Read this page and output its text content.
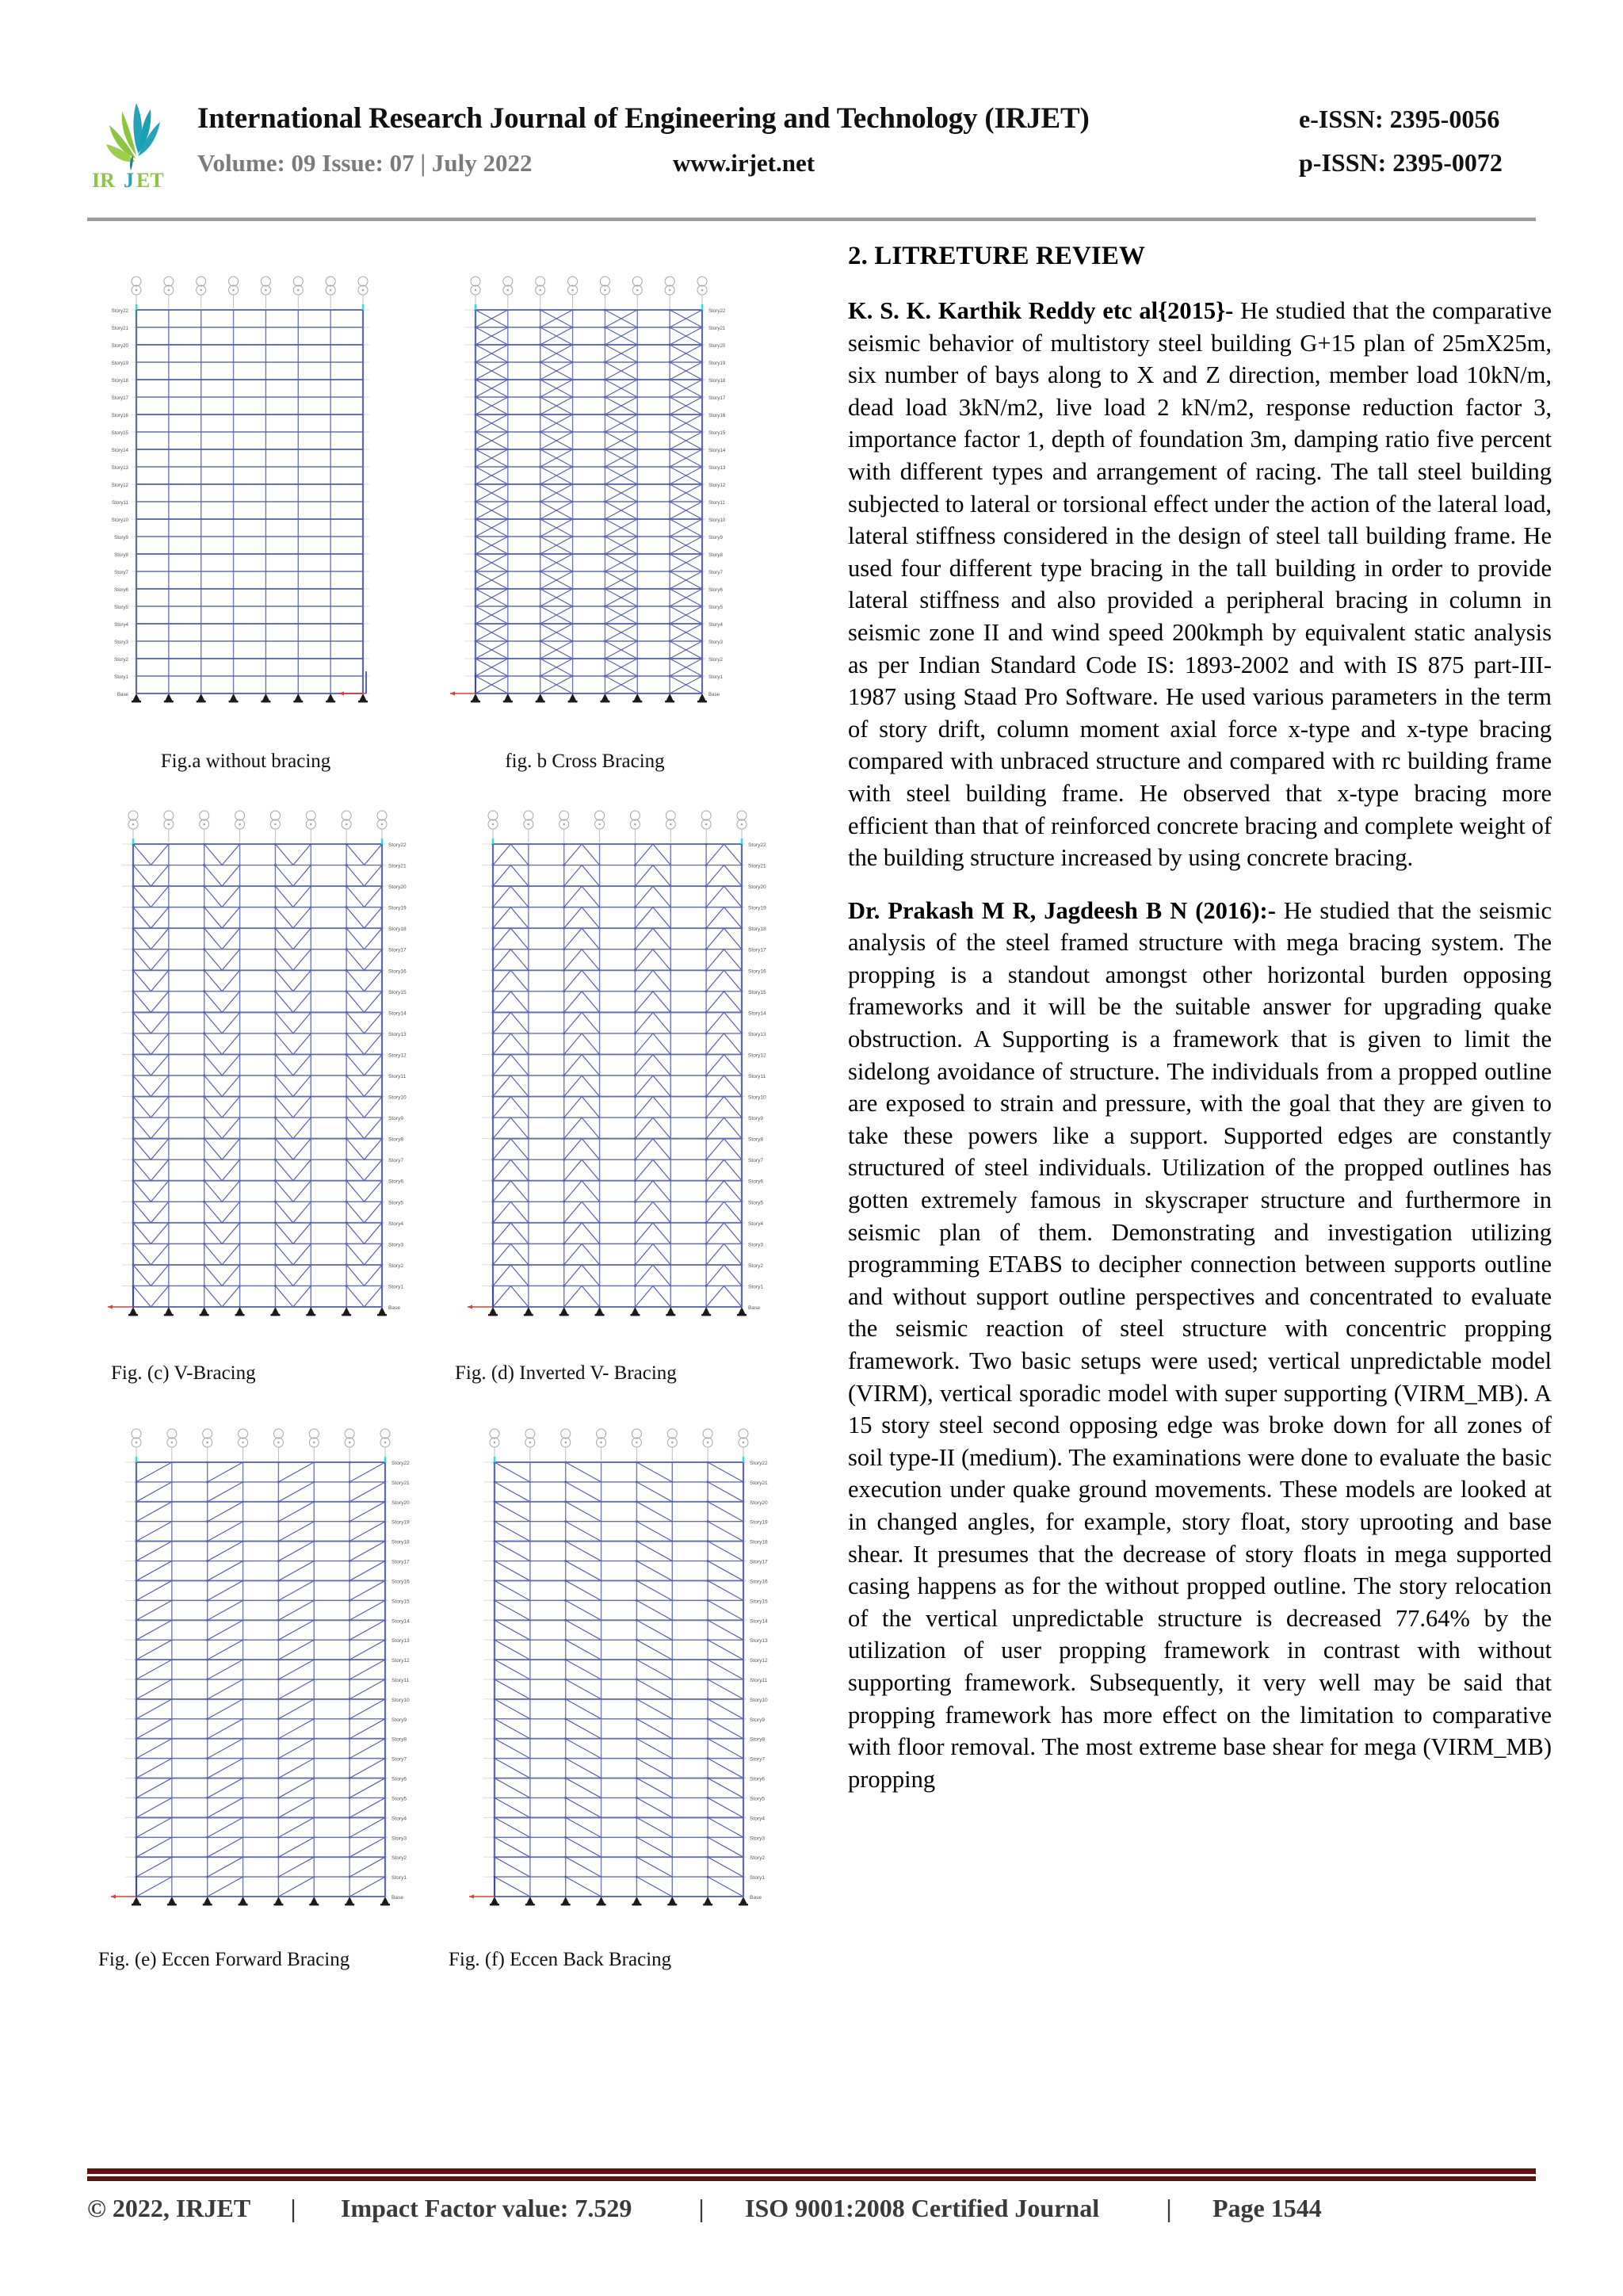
IR J ET
International Research Journal of Engineering and Technology (IRJET)	e-ISSN: 2395-0056
Volume: 09 Issue: 07 | July 2022	www.irjet.net	p-ISSN: 2395-0072
Story22
Story21
Story20
Story19
Story18
Story17
Story16
Story15
Story14
Story13
Story12
Story11
Story10
Story9
Story8
Story7
Story6
Story5
Story4
Story3
Story2
Story1
Base
Fig.a without bracing
Story22
Story21
Story20
Story19
Story18
Story17
Story16
Story15
Story14
Story13
Story12
Story11
Story10
Story9
Story8
Story7
Story6
Story5
Story4
Story3
Story2
Story1
Base
fig. b Cross Bracing
Story22
Story21
Story20
Story19
Story18
Story17
Story16
Story15
Story14
Story13
Story12
Story11
Story10
Story9
Story8
Story7
Story6
Story5
Story4
Story3
Story2
Story1
Base
Fig. (c) V-Bracing
Story22
Story21
Story20
Story19
Story18
Story17
Story16
Story15
Story14
Story13
Story12
Story11
Story10
Story9
Story8
Story7
Story6
Story5
Story4
Story3
Story2
Story1
Base
Fig. (d) Inverted V- Bracing
Story22
Story21
Story20
Story19
Story18
Story17
Story16
Story15
Story14
Story13
Story12
Story11
Story10
Story9
Story8
Story7
Story6
Story5
Story4
Story3
Story2
Story1
Base
Fig. (e) Eccen Forward Bracing
Story22
Story21
Story20
Story19
Story18
Story17
Story16
Story15
Story14
Story13
Story12
Story11
Story10
Story9
Story8
Story7
Story6
Story5
Story4
Story3
Story2
Story1
Base
Fig. (f) Eccen Back Bracing
2. LITRETURE REVIEW

K. S. K. Karthik Reddy etc al{2015}- He studied that the comparative seismic behavior of multistory steel building G+15 plan of 25mX25m, six number of bays along to X and Z direction, member load 10kN/m, dead load 3kN/m2, live load 2 kN/m2, response reduction factor 3, importance factor 1, depth of foundation 3m, damping ratio five percent with different types and arrangement of racing. The tall steel building subjected to lateral or torsional effect under the action of the lateral load, lateral stiffness considered in the design of steel tall building frame. He used four different type bracing in the tall building in order to provide lateral stiffness and also provided a peripheral bracing in column in seismic zone II and wind speed 200kmph by equivalent static analysis as per Indian Standard Code IS: 1893-2002 and with IS 875 part-III-1987 using Staad Pro Software. He used various parameters in the term of story drift, column moment axial force x-type and x-type bracing compared with unbraced structure and compared with rc building frame with steel building frame. He observed that x-type bracing more efficient than that of reinforced concrete bracing and complete weight of the building structure increased by using concrete bracing.

Dr. Prakash M R, Jagdeesh B N (2016):- He studied that the seismic analysis of the steel framed structure with mega bracing system. The propping is a standout amongst other horizontal burden opposing frameworks and it will be the suitable answer for upgrading quake obstruction. A Supporting is a framework that is given to limit the sidelong avoidance of structure. The individuals from a propped outline are exposed to strain and pressure, with the goal that they are given to take these powers like a support. Supported edges are constantly structured of steel individuals. Utilization of the propped outlines has gotten extremely famous in skyscraper structure and furthermore in seismic plan of them. Demonstrating and investigation utilizing programming ETABS to decipher connection between supports outline and without support outline perspectives and concentrated to evaluate the seismic reaction of steel structure with concentric propping framework. Two basic setups were used; vertical unpredictable model (VIRM), vertical sporadic model with super supporting (VIRM_MB). A 15 story steel second opposing edge was broke down for all zones of soil type-II (medium). The examinations were done to evaluate the basic execution under quake ground movements. These models are looked at in changed angles, for example, story float, story uprooting and base shear. It presumes that the decrease of story floats in mega supported casing happens as for the without propped outline. The story relocation of the vertical unpredictable structure is decreased 77.64% by the utilization of user propping framework in contrast with without supporting framework. Subsequently, it very well may be said that propping framework has more effect on the limitation to comparative with floor removal. The most extreme base shear for mega (VIRM_MB) propping

© 2022, IRJET	|	Impact Factor value: 7.529	|	ISO 9001:2008 Certified Journal	|	Page 1544
